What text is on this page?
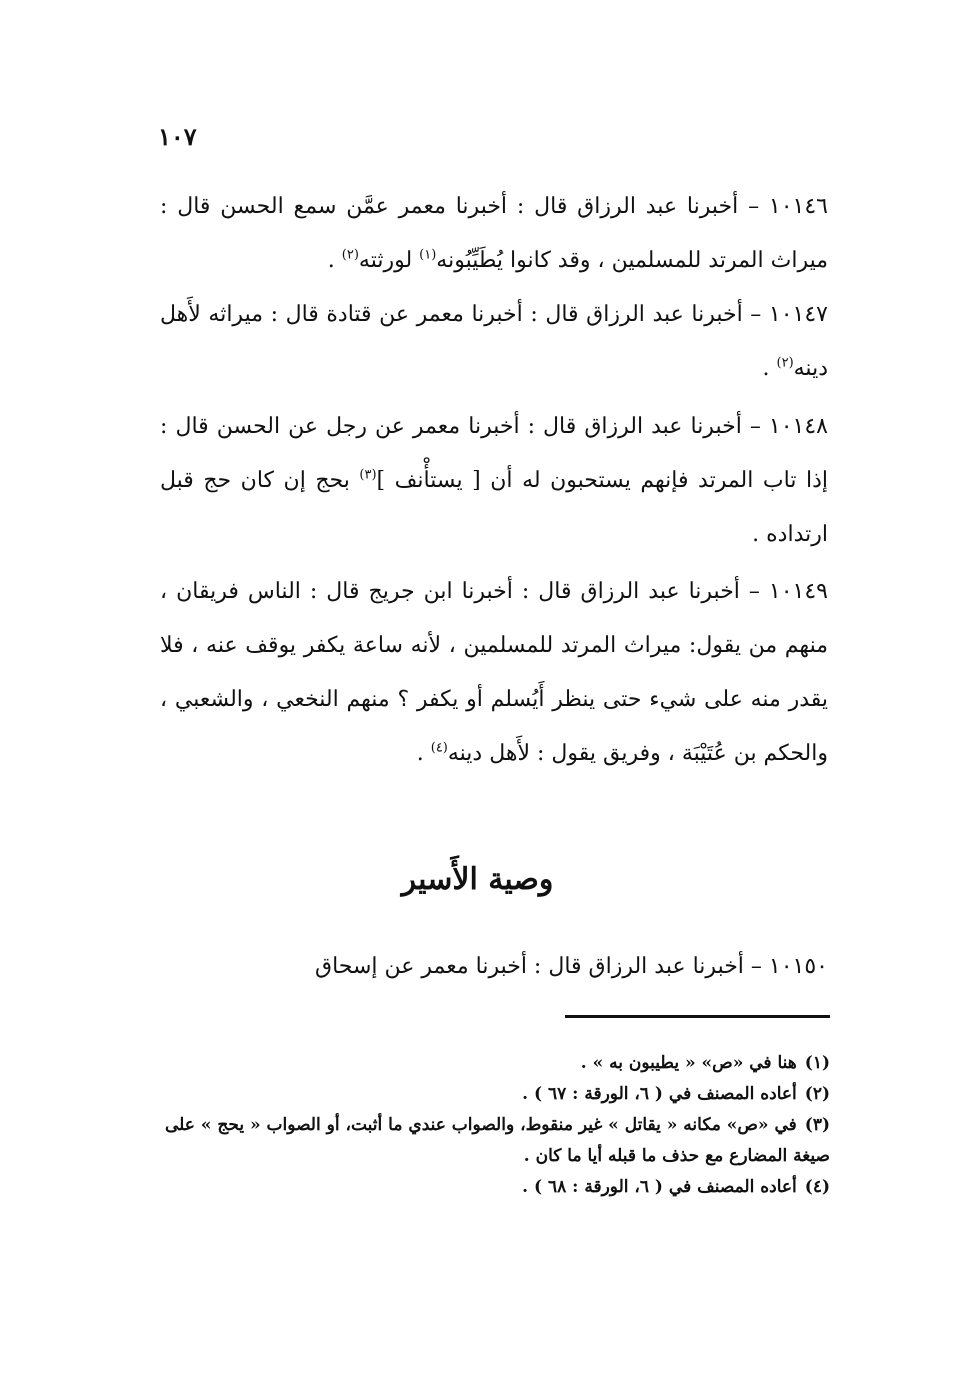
١٠٧
١٠١٤٦ – أخبرنا عبد الرزاق قال : أخبرنا معمر عمَّن سمع الحسن قال : ميراث المرتد للمسلمين ، وقد كانوا يُطَيِّبُونه$^{(١)}$ لورثته$^{(٢)}$ .
١٠١٤٧ – أخبرنا عبد الرزاق قال : أخبرنا معمر عن قتادة قال : ميراثه لأَهل دينه$^{(٢)}$ .
١٠١٤٨ – أخبرنا عبد الرزاق قال : أخبرنا معمر عن رجل عن الحسن قال : إذا تاب المرتد فإنهم يستحبون له أن [ يستأْنف ]$^{(٣)}$ بحج إن كان حج قبل ارتداده .
١٠١٤٩ – أخبرنا عبد الرزاق قال : أخبرنا ابن جريج قال : الناس فريقان ، منهم من يقول: ميراث المرتد للمسلمين ، لأنه ساعة يكفر يوقف عنه ، فلا يقدر منه على شيء حتى ينظر أَيُسلم أو يكفر ؟ منهم النخعي ، والشعبي ، والحكم بن عُتَيْبَة ، وفريق يقول : لأَهل دينه$^{(٤)}$ .
وصية الأَسير
١٠١٥٠ – أخبرنا عبد الرزاق قال : أخبرنا معمر عن إسحاق

(١)هنا في «ص» « يطيبون به » .

(٢)أعاده المصنف في ( ٦، الورقة : ٦٧ ) .

(٣)في «ص» مكانه « يقاتل » غير منقوط، والصواب عندي ما أثبت، أو الصواب « يحج » على صيغة المضارع مع حذف ما قبله أيا ما كان .

(٤)أعاده المصنف في ( ٦، الورقة : ٦٨ ) .
